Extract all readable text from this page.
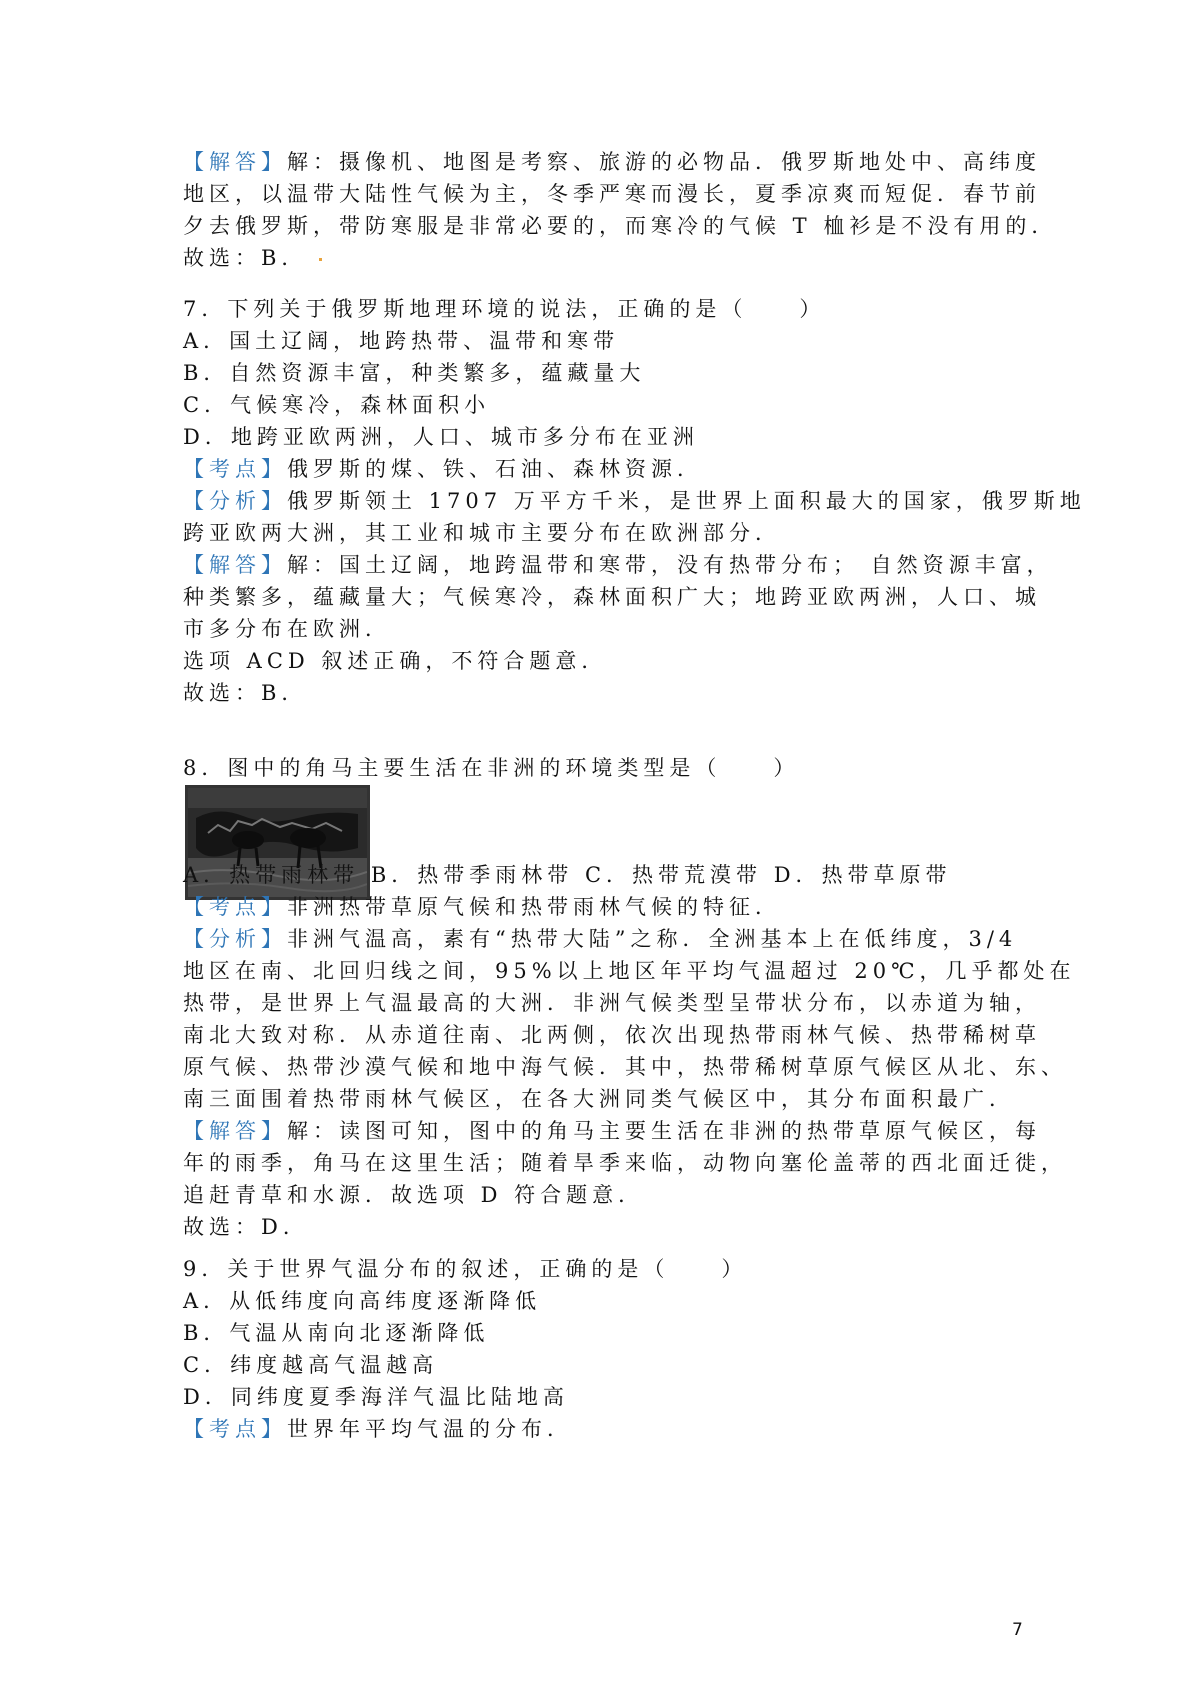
【解答】解：摄像机、地图是考察、旅游的必物品．俄罗斯地处中、高纬度
地区，以温带大陆性气候为主，冬季严寒而漫长，夏季凉爽而短促．春节前
夕去俄罗斯，带防寒服是非常必要的，而寒冷的气候 T 桖衫是不没有用的．
故选：B．
7．下列关于俄罗斯地理环境的说法，正确的是（　　）
A．国土辽阔，地跨热带、温带和寒带
B．自然资源丰富，种类繁多，蕴藏量大
C．气候寒冷，森林面积小
D．地跨亚欧两洲，人口、城市多分布在亚洲
【考点】俄罗斯的煤、铁、石油、森林资源．
【分析】俄罗斯领土 1707 万平方千米，是世界上面积最大的国家，俄罗斯地
跨亚欧两大洲，其工业和城市主要分布在欧洲部分．
【解答】解：国土辽阔，地跨温带和寒带，没有热带分布； 自然资源丰富，
种类繁多，蕴藏量大；气候寒冷，森林面积广大；地跨亚欧两洲，人口、城
市多分布在欧洲．
选项 ACD 叙述正确，不符合题意．
故选：B．
8．图中的角马主要生活在非洲的环境类型是（　　）
A．热带雨林带 B．热带季雨林带 C．热带荒漠带 D．热带草原带
【考点】非洲热带草原气候和热带雨林气候的特征．
【分析】非洲气温高，素有“热带大陆”之称．全洲基本上在低纬度，3/4
地区在南、北回归线之间，95%以上地区年平均气温超过 20℃，几乎都处在
热带，是世界上气温最高的大洲．非洲气候类型呈带状分布，以赤道为轴，
南北大致对称．从赤道往南、北两侧，依次出现热带雨林气候、热带稀树草
原气候、热带沙漠气候和地中海气候．其中，热带稀树草原气候区从北、东、
南三面围着热带雨林气候区，在各大洲同类气候区中，其分布面积最广．
【解答】解：读图可知，图中的角马主要生活在非洲的热带草原气候区，每
年的雨季，角马在这里生活；随着旱季来临，动物向塞伦盖蒂的西北面迁徙，
追赶青草和水源．故选项 D 符合题意．
故选：D．
9．关于世界气温分布的叙述，正确的是（　　）
A．从低纬度向高纬度逐渐降低
B．气温从南向北逐渐降低
C．纬度越高气温越高
D．同纬度夏季海洋气温比陆地高
【考点】世界年平均气温的分布．
7
